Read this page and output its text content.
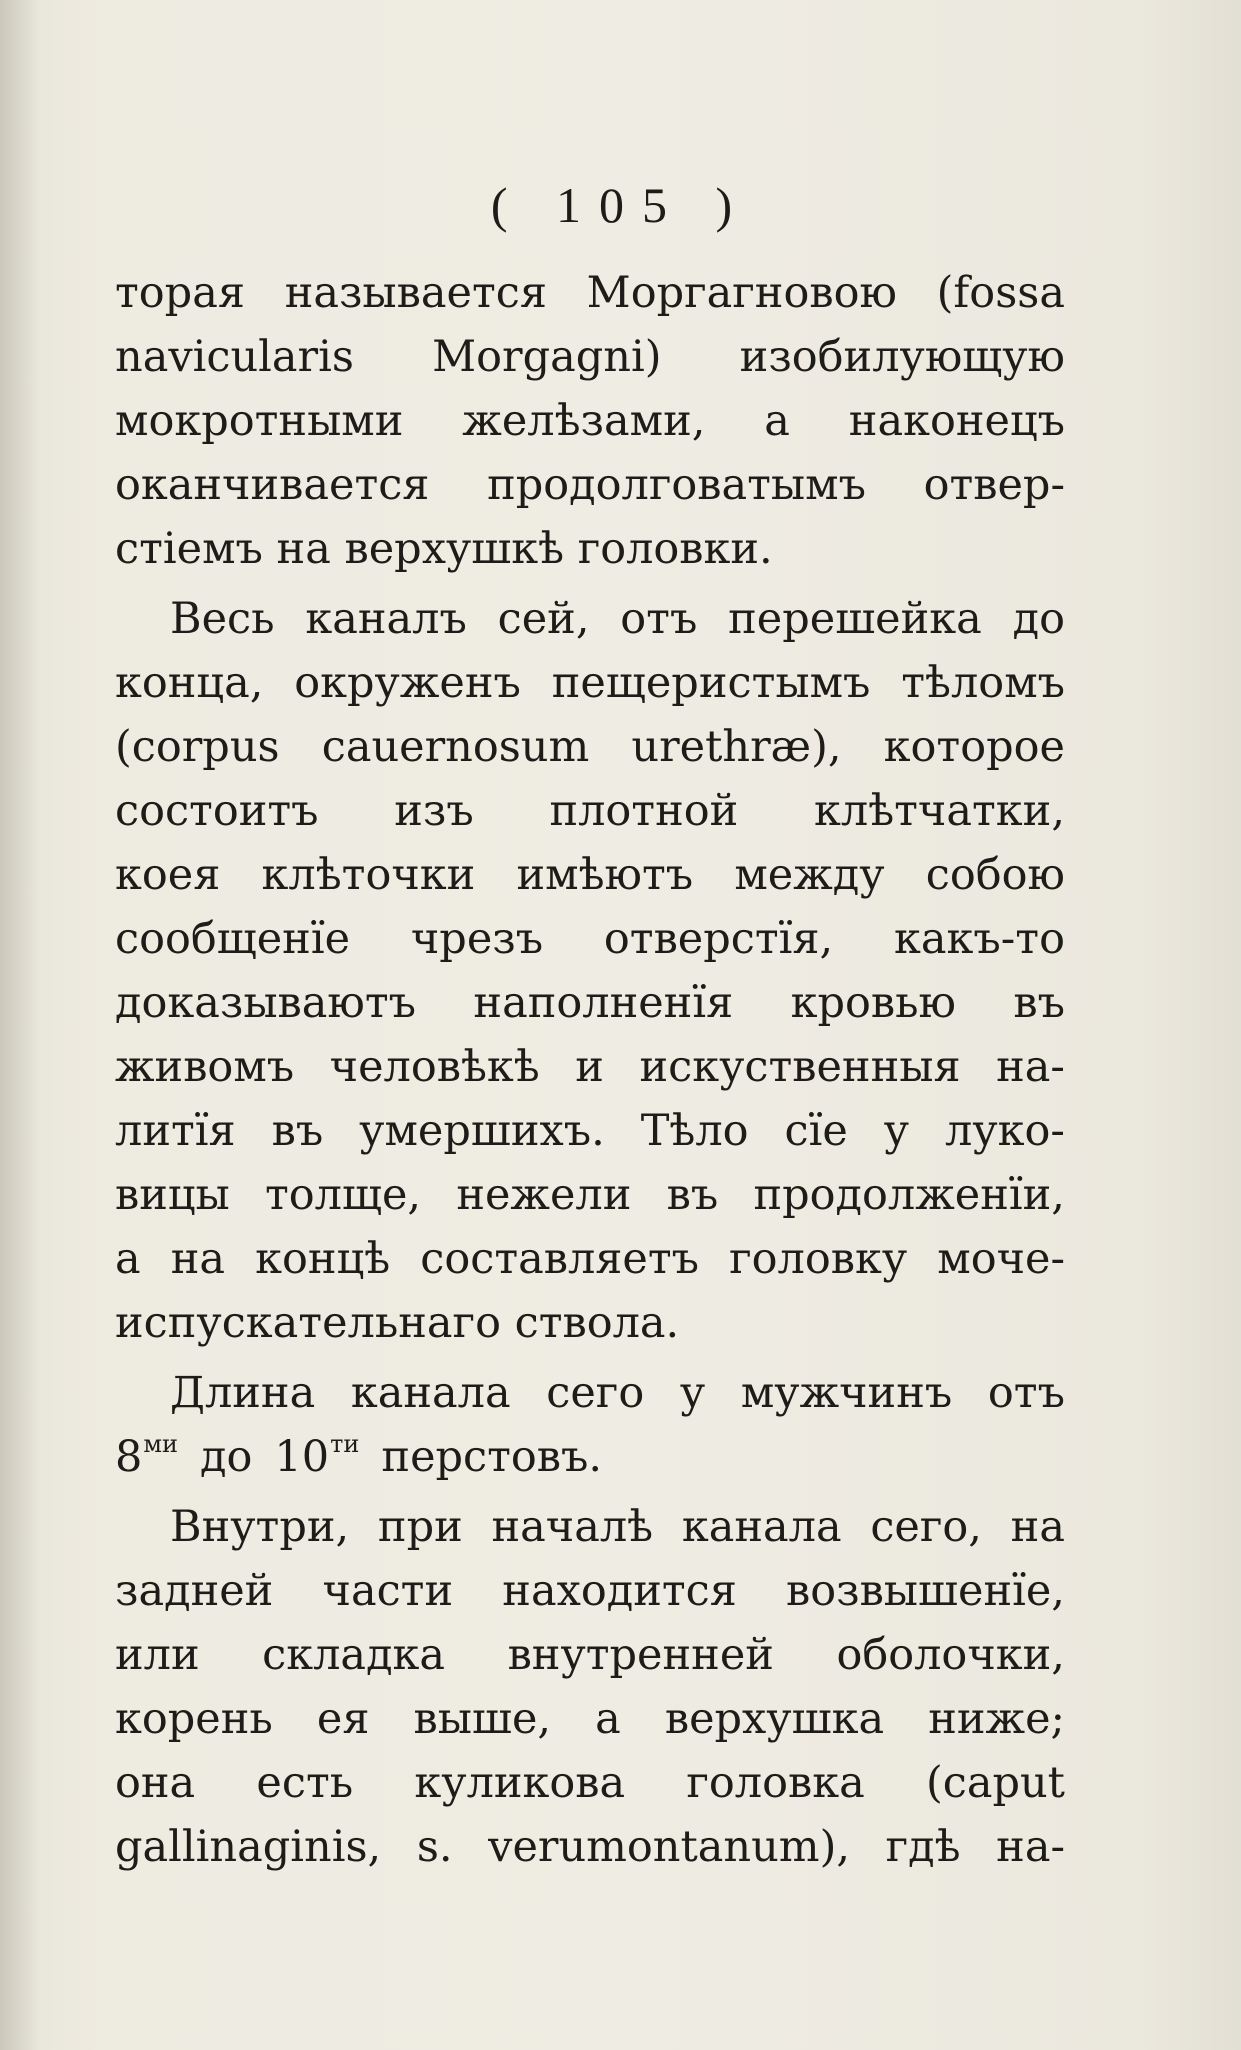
( 105 )
торая называется Моргагновою (fossa
navicularis Morgagni) изобилующую
мокротными желѣзами, а наконецъ
оканчивается продолговатымъ отвер-
стіемъ на верхушкѣ головки.
Весь каналъ сей, отъ перешейка до
конца, окруженъ пещеристымъ тѣломъ
(corpus cauernosum urethræ), которое
состоитъ изъ плотной клѣтчатки,
коея клѣточки имѣютъ между собою
сообщенїе чрезъ отверстїя, какъ-то
доказываютъ наполненїя кровью въ
живомъ человѣкѣ и искуственныя на-
литїя въ умершихъ. Тѣло сїе у луко-
вицы толще, нежели въ продолженїи,
а на концѣ составляетъ головку моче-
испускательнаго ствола.
Длина канала сего у мужчинъ отъ
$8^{ми}$ до $10^{ти}$ перстовъ.
Внутри, при началѣ канала сего, на
задней части находится возвышенїе,
или складка внутренней оболочки,
корень ея выше, а верхушка ниже;
она есть куликова головка (caput
gallinaginis, s. verumontanum), гдѣ на-
